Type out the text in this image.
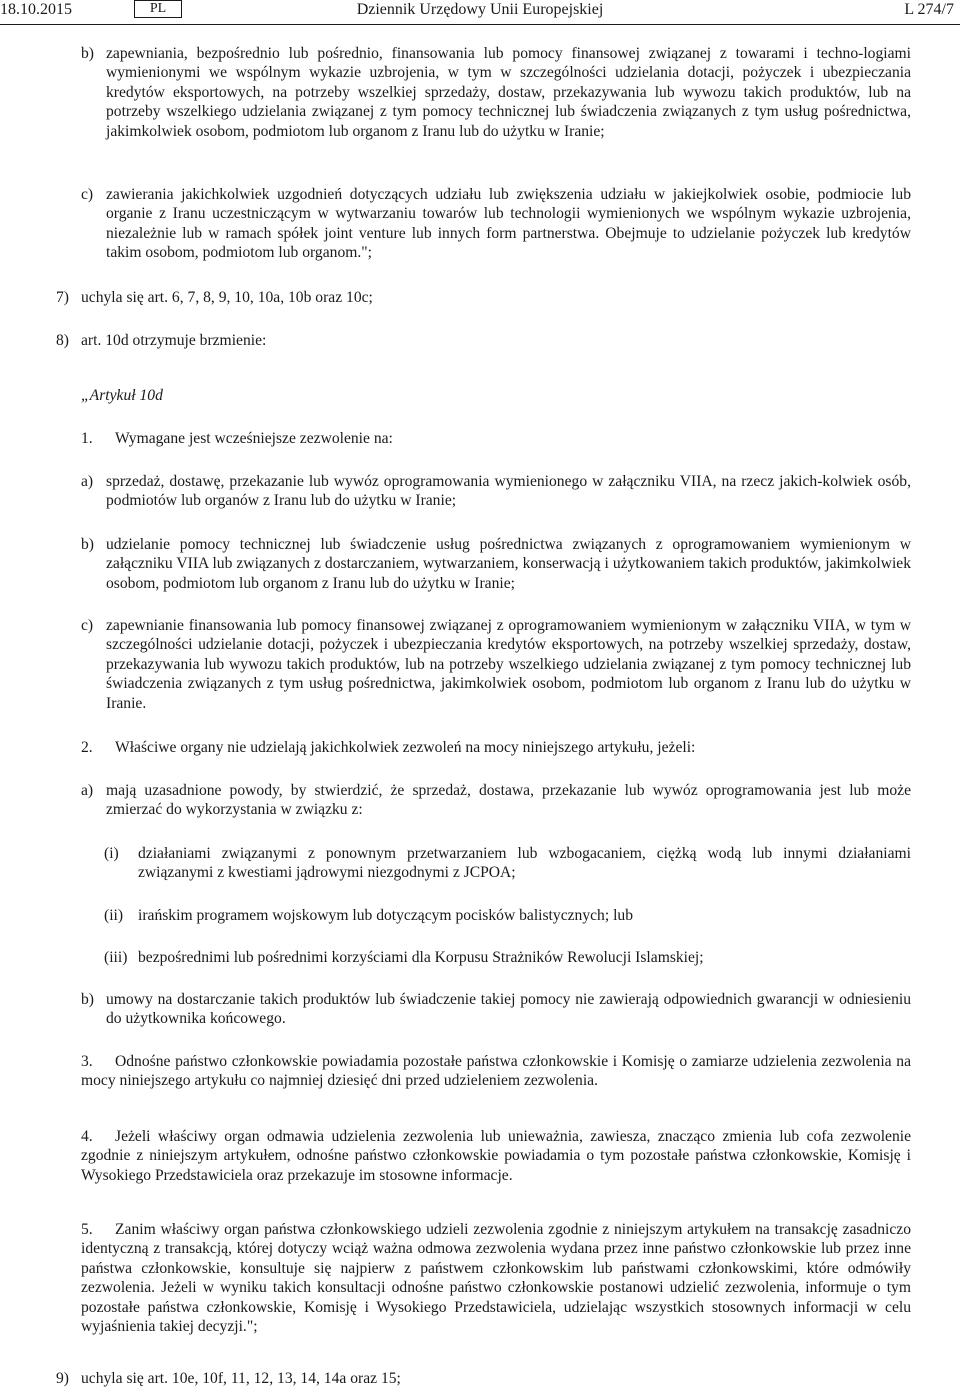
18.10.2015	PL	Dziennik Urzędowy Unii Europejskiej	L 274/7
b) zapewniania, bezpośrednio lub pośrednio, finansowania lub pomocy finansowej związanej z towarami i techno-logiami wymienionymi we wspólnym wykazie uzbrojenia, w tym w szczególności udzielania dotacji, pożyczek i ubezpieczania kredytów eksportowych, na potrzeby wszelkiej sprzedaży, dostaw, przekazywania lub wywozu takich produktów, lub na potrzeby wszelkiego udzielania związanej z tym pomocy technicznej lub świadczenia związanych z tym usług pośrednictwa, jakimkolwiek osobom, podmiotom lub organom z Iranu lub do użytku w Iranie;
c) zawierania jakichkolwiek uzgodnień dotyczących udziału lub zwiększenia udziału w jakiejkolwiek osobie, podmiocie lub organie z Iranu uczestniczącym w wytwarzaniu towarów lub technologii wymienionych we wspólnym wykazie uzbrojenia, niezależnie lub w ramach spółek joint venture lub innych form partnerstwa. Obejmuje to udzielanie pożyczek lub kredytów takim osobom, podmiotom lub organom.";
7) uchyla się art. 6, 7, 8, 9, 10, 10a, 10b oraz 10c;
8) art. 10d otrzymuje brzmienie:
„Artykuł 10d
1. Wymagane jest wcześniejsze zezwolenie na:
a) sprzedaż, dostawę, przekazanie lub wywóz oprogramowania wymienionego w załączniku VIIA, na rzecz jakich-kolwiek osób, podmiotów lub organów z Iranu lub do użytku w Iranie;
b) udzielanie pomocy technicznej lub świadczenie usług pośrednictwa związanych z oprogramowaniem wymienionym w załączniku VIIA lub związanych z dostarczaniem, wytwarzaniem, konserwacją i użytkowaniem takich produktów, jakimkolwiek osobom, podmiotom lub organom z Iranu lub do użytku w Iranie;
c) zapewnianie finansowania lub pomocy finansowej związanej z oprogramowaniem wymienionym w załączniku VIIA, w tym w szczególności udzielanie dotacji, pożyczek i ubezpieczania kredytów eksportowych, na potrzeby wszelkiej sprzedaży, dostaw, przekazywania lub wywozu takich produktów, lub na potrzeby wszelkiego udzielania związanej z tym pomocy technicznej lub świadczenia związanych z tym usług pośrednictwa, jakimkolwiek osobom, podmiotom lub organom z Iranu lub do użytku w Iranie.
2. Właściwe organy nie udzielają jakichkolwiek zezwoleń na mocy niniejszego artykułu, jeżeli:
a) mają uzasadnione powody, by stwierdzić, że sprzedaż, dostawa, przekazanie lub wywóz oprogramowania jest lub może zmierzać do wykorzystania w związku z:
(i) działaniami związanymi z ponownym przetwarzaniem lub wzbogacaniem, ciężką wodą lub innymi działaniami związanymi z kwestiami jądrowymi niezgodnymi z JCPOA;
(ii) irańskim programem wojskowym lub dotyczącym pocisków balistycznych; lub
(iii) bezpośrednimi lub pośrednimi korzyściami dla Korpusu Strażników Rewolucji Islamskiej;
b) umowy na dostarczanie takich produktów lub świadczenie takiej pomocy nie zawierają odpowiednich gwarancji w odniesieniu do użytkownika końcowego.
3. Odnośne państwo członkowskie powiadamia pozostałe państwa członkowskie i Komisję o zamiarze udzielenia zezwolenia na mocy niniejszego artykułu co najmniej dziesięć dni przed udzieleniem zezwolenia.
4. Jeżeli właściwy organ odmawia udzielenia zezwolenia lub unieważnia, zawiesza, znacząco zmienia lub cofa zezwolenie zgodnie z niniejszym artykułem, odnośne państwo członkowskie powiadamia o tym pozostałe państwa członkowskie, Komisję i Wysokiego Przedstawiciela oraz przekazuje im stosowne informacje.
5. Zanim właściwy organ państwa członkowskiego udzieli zezwolenia zgodnie z niniejszym artykułem na transakcję zasadniczo identyczną z transakcją, której dotyczy wciąż ważna odmowa zezwolenia wydana przez inne państwo członkowskie lub przez inne państwa członkowskie, konsultuje się najpierw z państwem członkowskim lub państwami członkowskimi, które odmówiły zezwolenia. Jeżeli w wyniku takich konsultacji odnośne państwo członkowskie postanowi udzielić zezwolenia, informuje o tym pozostałe państwa członkowskie, Komisję i Wysokiego Przedstawiciela, udzielając wszystkich stosownych informacji w celu wyjaśnienia takiej decyzji.";
9) uchyla się art. 10e, 10f, 11, 12, 13, 14, 14a oraz 15;
